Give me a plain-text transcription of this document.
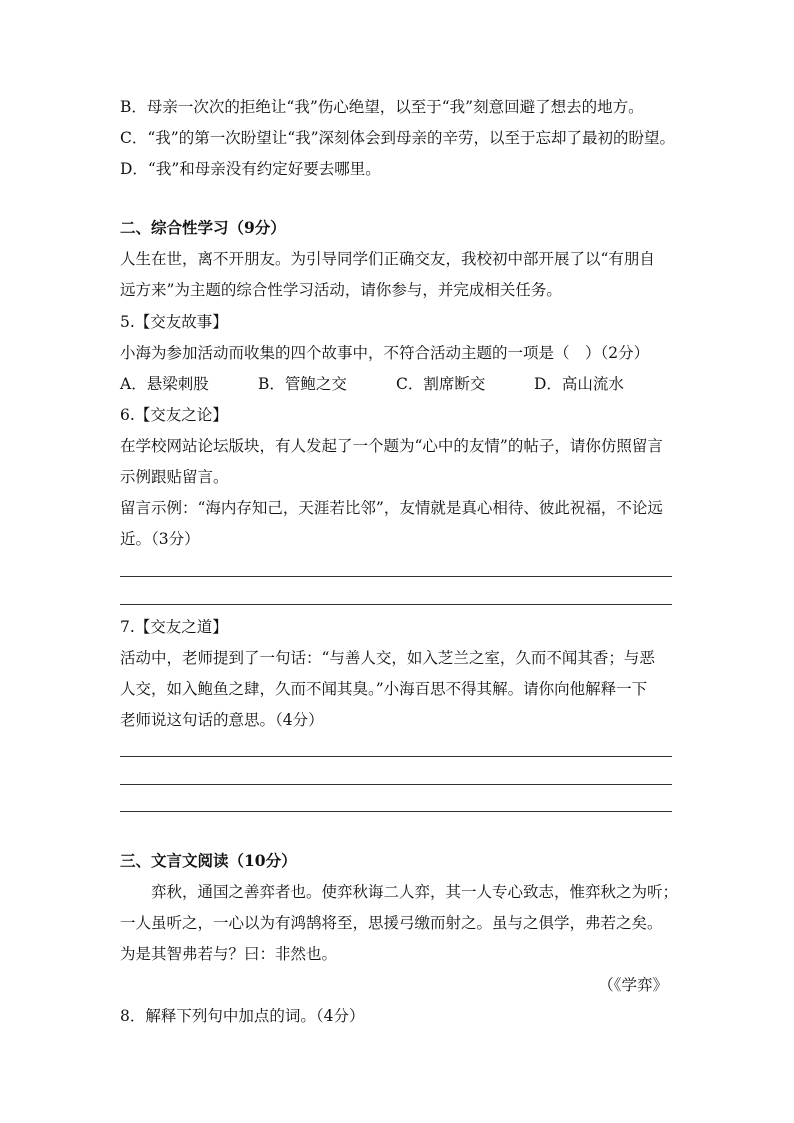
B．母亲一次次的拒绝让“我”伤心绝望，以至于“我”刻意回避了想去的地方。
C．“我”的第一次盼望让“我”深刻体会到母亲的辛劳，以至于忘却了最初的盼望。
D．“我”和母亲没有约定好要去哪里。
二、综合性学习（9分）
人生在世，离不开朋友。为引导同学们正确交友，我校初中部开展了以“有朋自
远方来”为主题的综合性学习活动，请你参与，并完成相关任务。
5.【交友故事】
小海为参加活动而收集的四个故事中，不符合活动主题的一项是（　）（2分）
A．悬梁刺股	B．管鲍之交	C．割席断交	D．高山流水
6.【交友之论】
在学校网站论坛版块，有人发起了一个题为“心中的友情”的帖子，请你仿照留言
示例跟贴留言。
留言示例：“海内存知己，天涯若比邻”，友情就是真心相待、彼此祝福，不论远
近。（3分）
7.【交友之道】
活动中，老师提到了一句话：“与善人交，如入芝兰之室，久而不闻其香；与恶
人交，如入鲍鱼之肆，久而不闻其臭。”小海百思不得其解。请你向他解释一下
老师说这句话的意思。（4分）
三、文言文阅读（10分）
　　弈秋，通国之善弈者也。使弈秋诲二人弈，其一人专心致志，惟弈秋之为听；
一人虽听之，一心以为有鸿鹄将至，思援弓缴而射之。虽与之俱学，弗若之矣。
为是其智弗若与？曰：非然也。
（《学弈》
8．解释下列句中加点的词。（4分）
